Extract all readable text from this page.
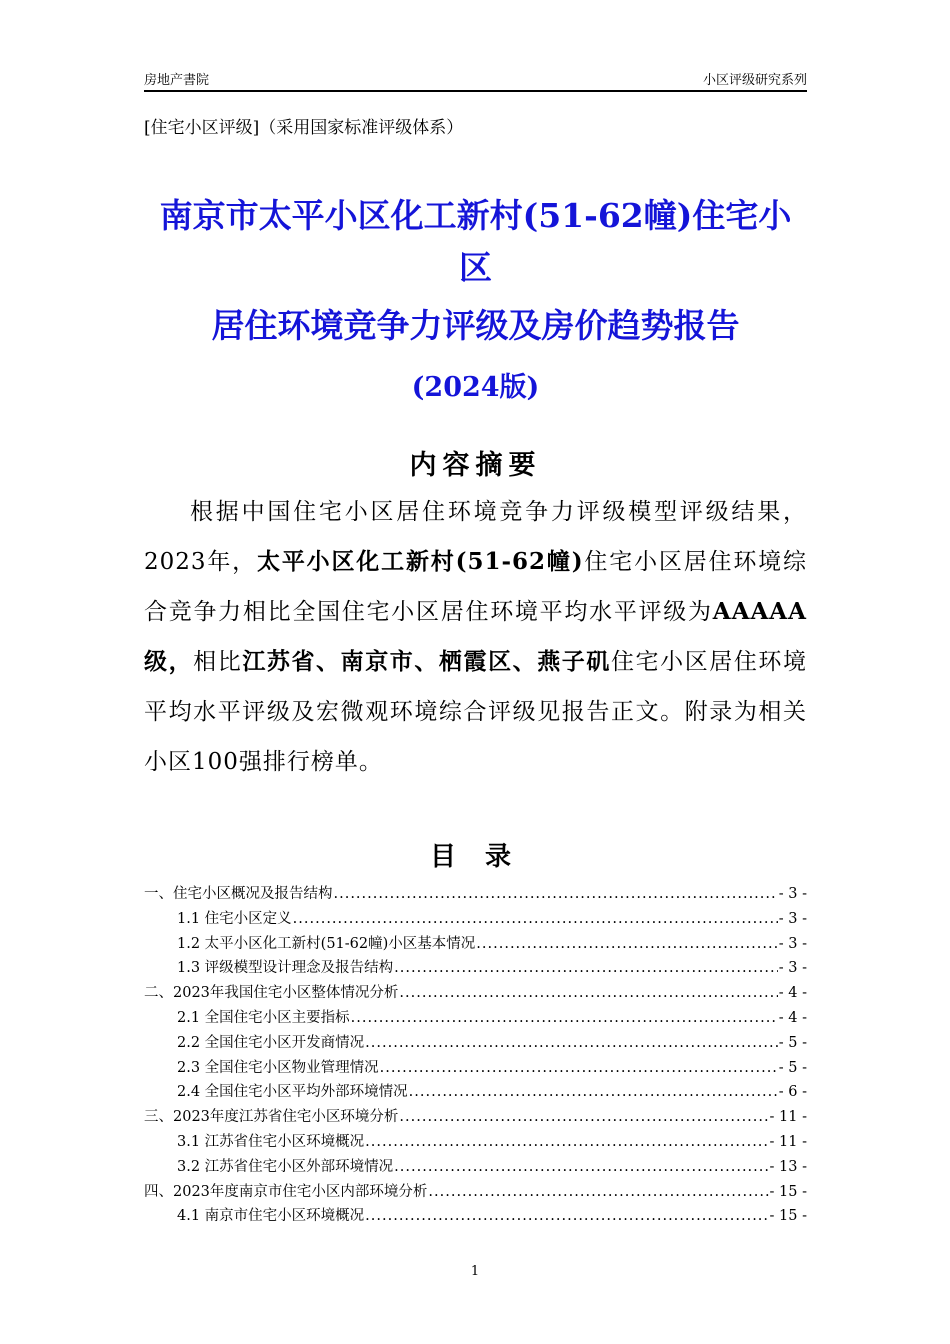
房地产書院	小区评级研究系列
[住宅小区评级]（采用国家标准评级体系）
南京市太平小区化工新村(51-62幢)住宅小区
居住环境竞争力评级及房价趋势报告
(2024版)
内容摘要
根据中国住宅小区居住环境竞争力评级模型评级结果，2023年，太平小区化工新村(51-62幢)住宅小区居住环境综合竞争力相比全国住宅小区居住环境平均水平评级为AAAAA级，相比江苏省、南京市、栖霞区、燕子矶住宅小区居住环境平均水平评级及宏微观环境综合评级见报告正文。附录为相关小区100强排行榜单。
目 录
一、住宅小区概况及报告结构 .....	- 3 -
1.1 住宅小区定义 .....	- 3 -
1.2 太平小区化工新村(51-62幢)小区基本情况 .....	- 3 -
1.3 评级模型设计理念及报告结构 .....	- 3 -
二、2023年我国住宅小区整体情况分析 .....	- 4 -
2.1 全国住宅小区主要指标 .....	- 4 -
2.2 全国住宅小区开发商情况 .....	- 5 -
2.3 全国住宅小区物业管理情况 .....	- 5 -
2.4 全国住宅小区平均外部环境情况 .....	- 6 -
三、2023年度江苏省住宅小区环境分析 .....	- 11 -
3.1 江苏省住宅小区环境概况 .....	- 11 -
3.2 江苏省住宅小区外部环境情况 .....	- 13 -
四、2023年度南京市住宅小区内部环境分析 .....	- 15 -
4.1 南京市住宅小区环境概况 .....	- 15 -
1
